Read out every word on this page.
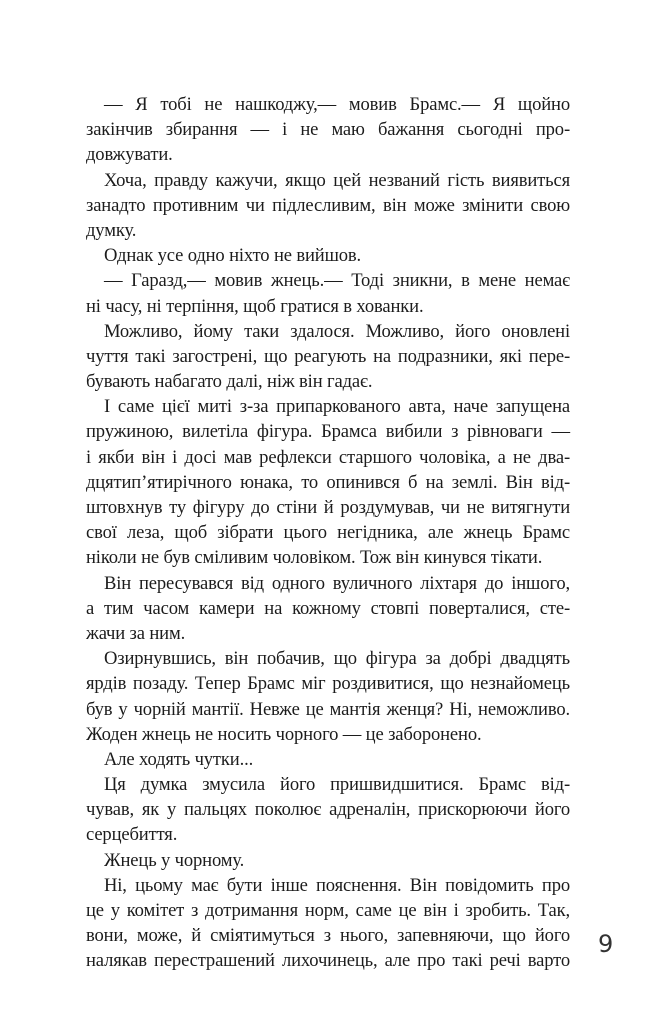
— Я тобі не нашкоджу,— мовив Брамс.— Я щойно
закінчив збирання — і не маю бажання сьогодні про-
довжувати.
Хоча, правду кажучи, якщо цей незваний гість виявиться
занадто противним чи підлесливим, він може змінити свою
думку.
Однак усе одно ніхто не вийшов.
— Гаразд,— мовив жнець.— Тоді зникни, в мене немає
ні часу, ні терпіння, щоб гратися в хованки.
Можливо, йому таки здалося. Можливо, його оновлені
чуття такі загострені, що реагують на подразники, які пере-
бувають набагато далі, ніж він гадає.
І саме цієї миті з-за припаркованого авта, наче запущена
пружиною, вилетіла фігура. Брамса вибили з рівноваги —
і якби він і досі мав рефлекси старшого чоловіка, а не два-
дцятип’ятирічного юнака, то опинився б на землі. Він від-
штовхнув ту фігуру до стіни й роздумував, чи не витягнути
свої леза, щоб зібрати цього негідника, але жнець Брамс
ніколи не був сміливим чоловіком. Тож він кинувся тікати.
Він пересувався від одного вуличного ліхтаря до іншого,
а тим часом камери на кожному стовпі поверталися, сте-
жачи за ним.
Озирнувшись, він побачив, що фігура за добрі двадцять
ярдів позаду. Тепер Брамс міг роздивитися, що незнайомець
був у чорній мантії. Невже це мантія женця? Ні, неможливо.
Жоден жнець не носить чорного — це заборонено.
Але ходять чутки...
Ця думка змусила його пришвидшитися. Брамс від-
чував, як у пальцях поколює адреналін, прискорюючи його
серцебиття.
Жнець у чорному.
Ні, цьому має бути інше пояснення. Він повідомить про
це у комітет з дотримання норм, саме це він і зробить. Так,
вони, може, й сміятимуться з нього, запевняючи, що його
налякав перестрашений лихочинець, але про такі речі варто
9
